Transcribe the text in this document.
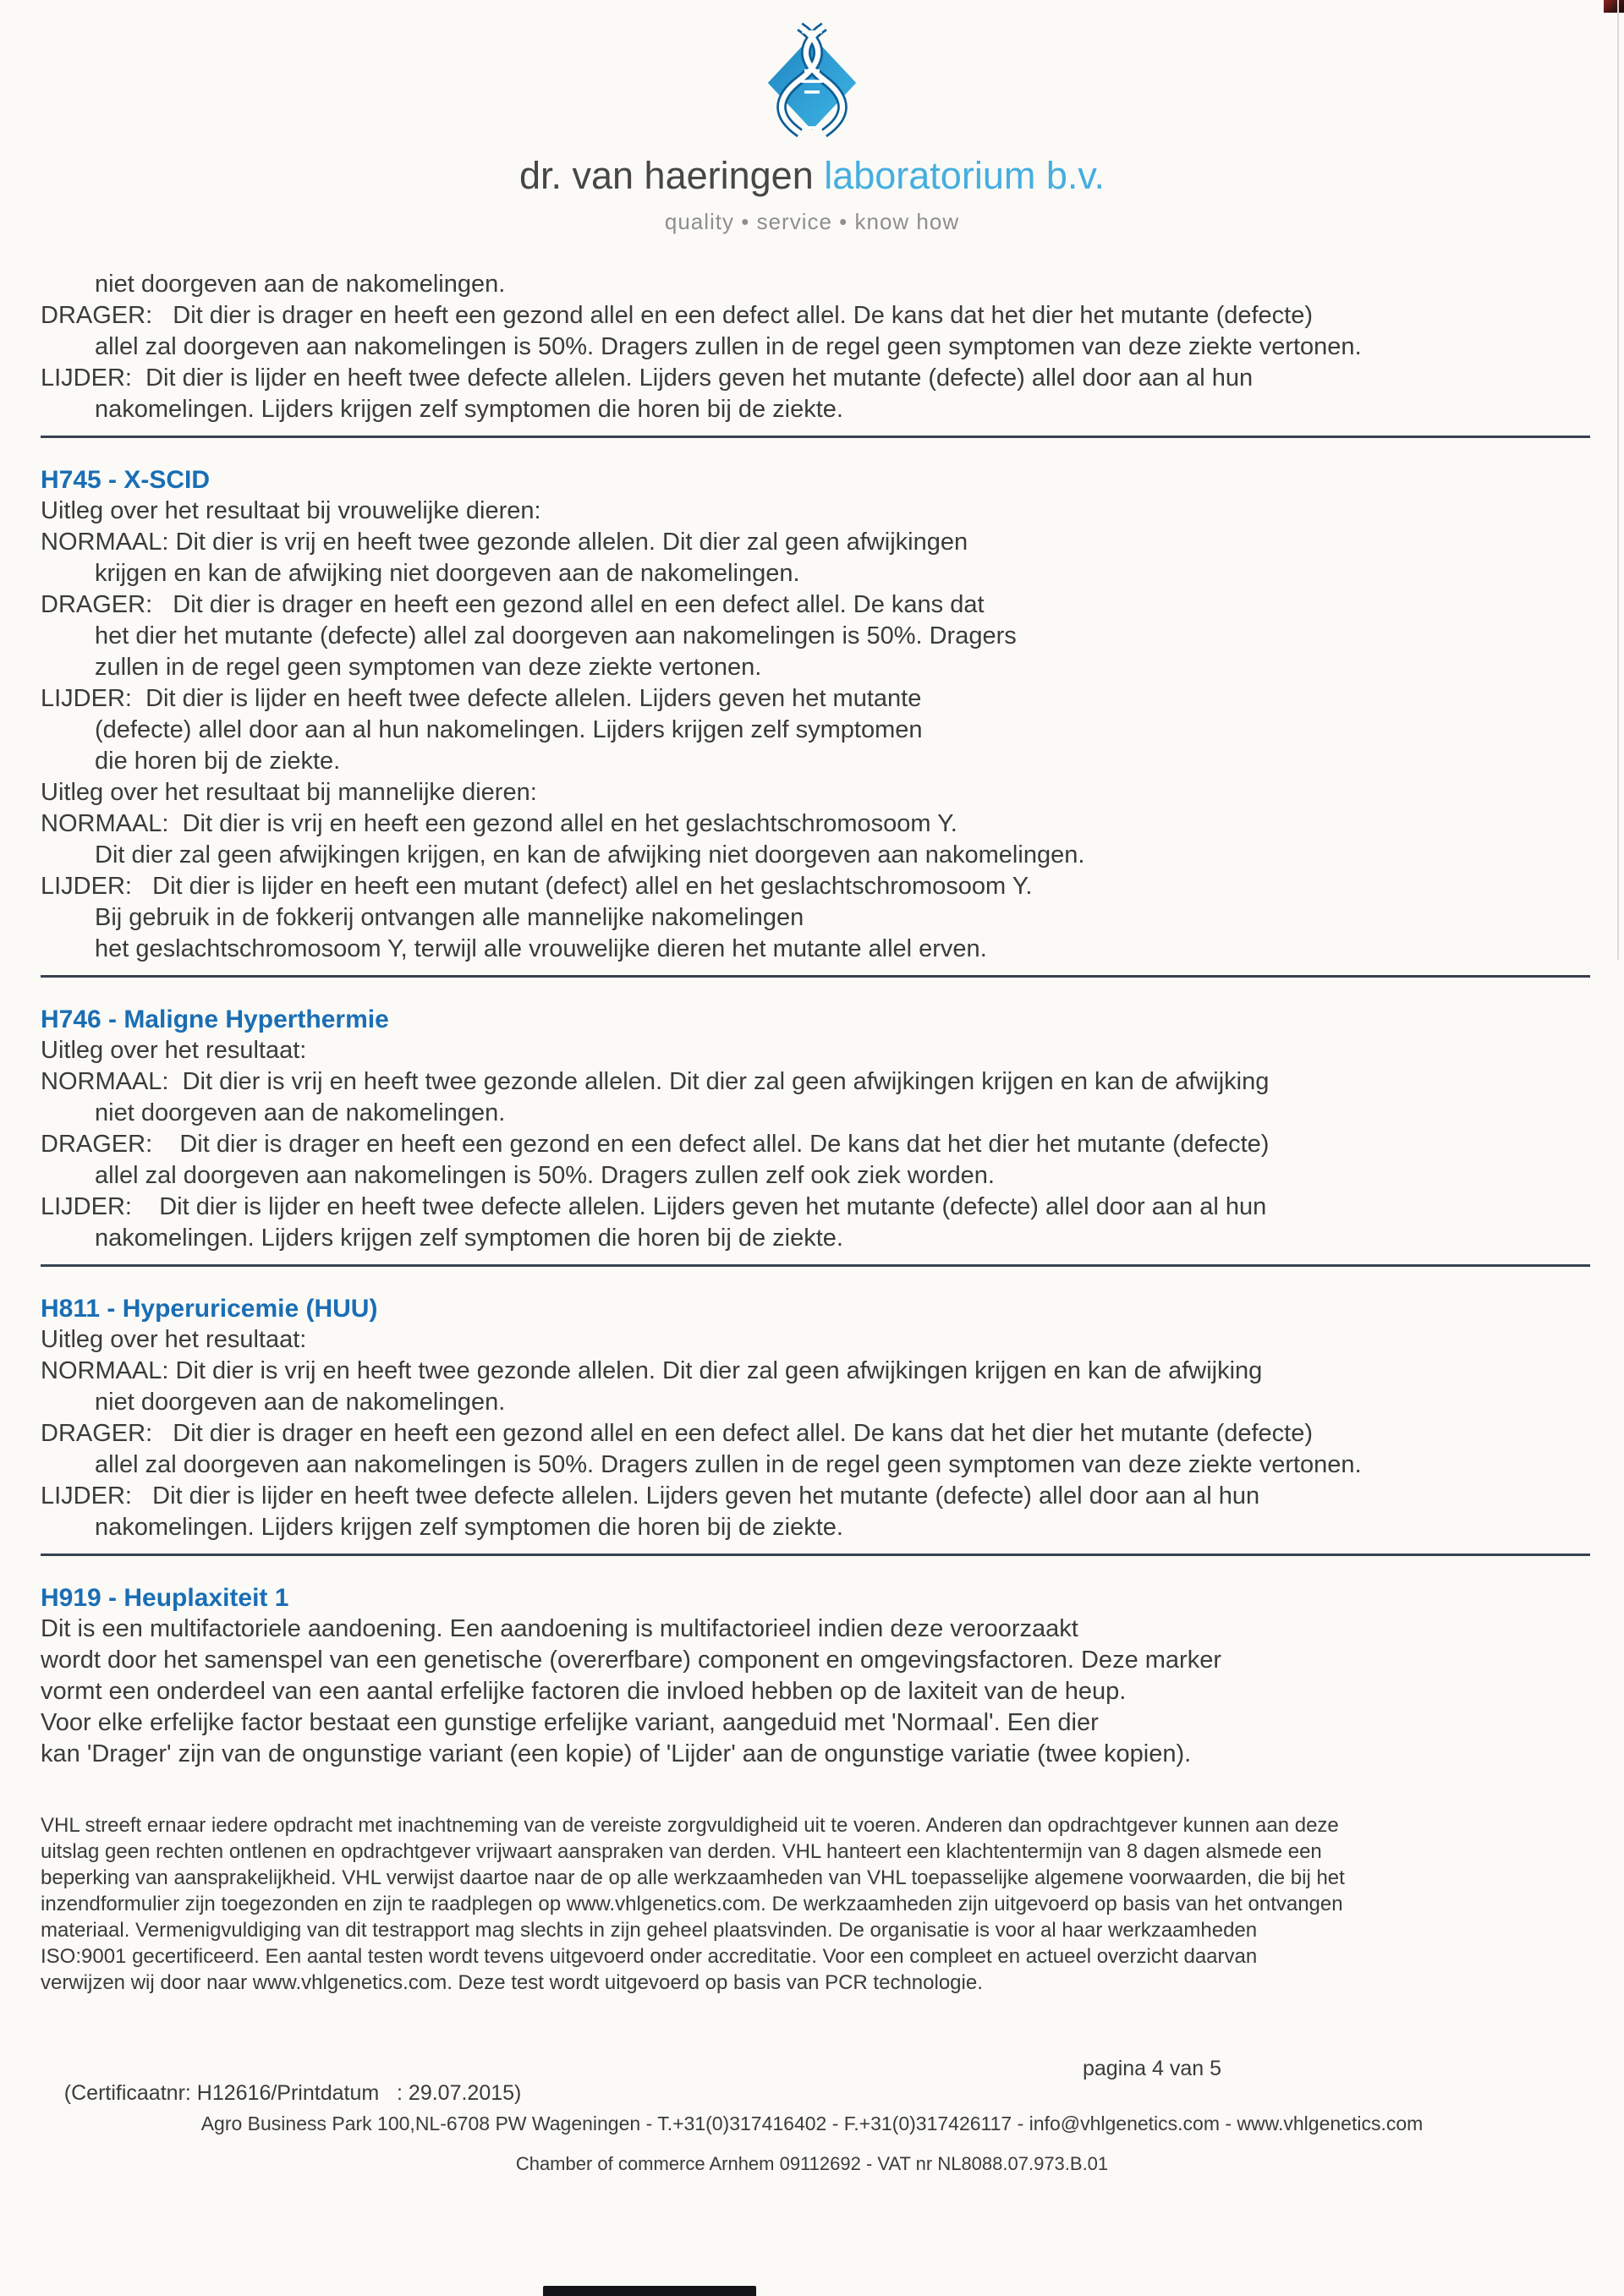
dr. van haeringen laboratorium b.v.
quality • service • know how
niet doorgeven aan de nakomelingen.
DRAGER:   Dit dier is drager en heeft een gezond allel en een defect allel. De kans dat het dier het mutante (defecte)
allel zal doorgeven aan nakomelingen is 50%. Dragers zullen in de regel geen symptomen van deze ziekte vertonen.
LIJDER:  Dit dier is lijder en heeft twee defecte allelen. Lijders geven het mutante (defecte) allel door aan al hun
nakomelingen. Lijders krijgen zelf symptomen die horen bij de ziekte.
H745 - X-SCID
Uitleg over het resultaat bij vrouwelijke dieren:
NORMAAL: Dit dier is vrij en heeft twee gezonde allelen. Dit dier zal geen afwijkingen
krijgen en kan de afwijking niet doorgeven aan de nakomelingen.
DRAGER:   Dit dier is drager en heeft een gezond allel en een defect allel. De kans dat
het dier het mutante (defecte) allel zal doorgeven aan nakomelingen is 50%. Dragers
zullen in de regel geen symptomen van deze ziekte vertonen.
LIJDER:  Dit dier is lijder en heeft twee defecte allelen. Lijders geven het mutante
(defecte) allel door aan al hun nakomelingen. Lijders krijgen zelf symptomen
die horen bij de ziekte.
Uitleg over het resultaat bij mannelijke dieren:
NORMAAL:  Dit dier is vrij en heeft een gezond allel en het geslachtschromosoom Y.
Dit dier zal geen afwijkingen krijgen, en kan de afwijking niet doorgeven aan nakomelingen.
LIJDER:   Dit dier is lijder en heeft een mutant (defect) allel en het geslachtschromosoom Y.
Bij gebruik in de fokkerij ontvangen alle mannelijke nakomelingen
het geslachtschromosoom Y, terwijl alle vrouwelijke dieren het mutante allel erven.
H746 - Maligne Hyperthermie
Uitleg over het resultaat:
NORMAAL:  Dit dier is vrij en heeft twee gezonde allelen. Dit dier zal geen afwijkingen krijgen en kan de afwijking
niet doorgeven aan de nakomelingen.
DRAGER:    Dit dier is drager en heeft een gezond en een defect allel. De kans dat het dier het mutante (defecte)
allel zal doorgeven aan nakomelingen is 50%. Dragers zullen zelf ook ziek worden.
LIJDER:    Dit dier is lijder en heeft twee defecte allelen. Lijders geven het mutante (defecte) allel door aan al hun
nakomelingen. Lijders krijgen zelf symptomen die horen bij de ziekte.
H811 - Hyperuricemie (HUU)
Uitleg over het resultaat:
NORMAAL: Dit dier is vrij en heeft twee gezonde allelen. Dit dier zal geen afwijkingen krijgen en kan de afwijking
niet doorgeven aan de nakomelingen.
DRAGER:   Dit dier is drager en heeft een gezond allel en een defect allel. De kans dat het dier het mutante (defecte)
allel zal doorgeven aan nakomelingen is 50%. Dragers zullen in de regel geen symptomen van deze ziekte vertonen.
LIJDER:   Dit dier is lijder en heeft twee defecte allelen. Lijders geven het mutante (defecte) allel door aan al hun
nakomelingen. Lijders krijgen zelf symptomen die horen bij de ziekte.
H919 - Heuplaxiteit 1
Dit is een multifactoriele aandoening. Een aandoening is multifactorieel indien deze veroorzaakt
wordt door het samenspel van een genetische (overerfbare) component en omgevingsfactoren. Deze marker
vormt een onderdeel van een aantal erfelijke factoren die invloed hebben op de laxiteit van de heup.
Voor elke erfelijke factor bestaat een gunstige erfelijke variant, aangeduid met 'Normaal'. Een dier
kan 'Drager' zijn van de ongunstige variant (een kopie) of 'Lijder' aan de ongunstige variatie (twee kopien).
VHL streeft ernaar iedere opdracht met inachtneming van de vereiste zorgvuldigheid uit te voeren. Anderen dan opdrachtgever kunnen aan deze
uitslag geen rechten ontlenen en opdrachtgever vrijwaart aanspraken van derden. VHL hanteert een klachtentermijn van 8 dagen alsmede een
beperking van aansprakelijkheid. VHL verwijst daartoe naar de op alle werkzaamheden van VHL toepasselijke algemene voorwaarden, die bij het
inzendformulier zijn toegezonden en zijn te raadplegen op www.vhlgenetics.com. De werkzaamheden zijn uitgevoerd op basis van het ontvangen
materiaal. Vermenigvuldiging van dit testrapport mag slechts in zijn geheel plaatsvinden. De organisatie is voor al haar werkzaamheden
ISO:9001 gecertificeerd. Een aantal testen wordt tevens uitgevoerd onder accreditatie. Voor een compleet en actueel overzicht daarvan
verwijzen wij door naar www.vhlgenetics.com. Deze test wordt uitgevoerd op basis van PCR technologie.

(Certificaatnr: H12616/Printdatum   : 29.07.2015)

pagina 4 van 5

Agro Business Park 100,NL-6708 PW Wageningen - T.+31(0)317416402 - F.+31(0)317426117 - info@vhlgenetics.com - www.vhlgenetics.com
Chamber of commerce Arnhem 09112692 - VAT nr NL8088.07.973.B.01
